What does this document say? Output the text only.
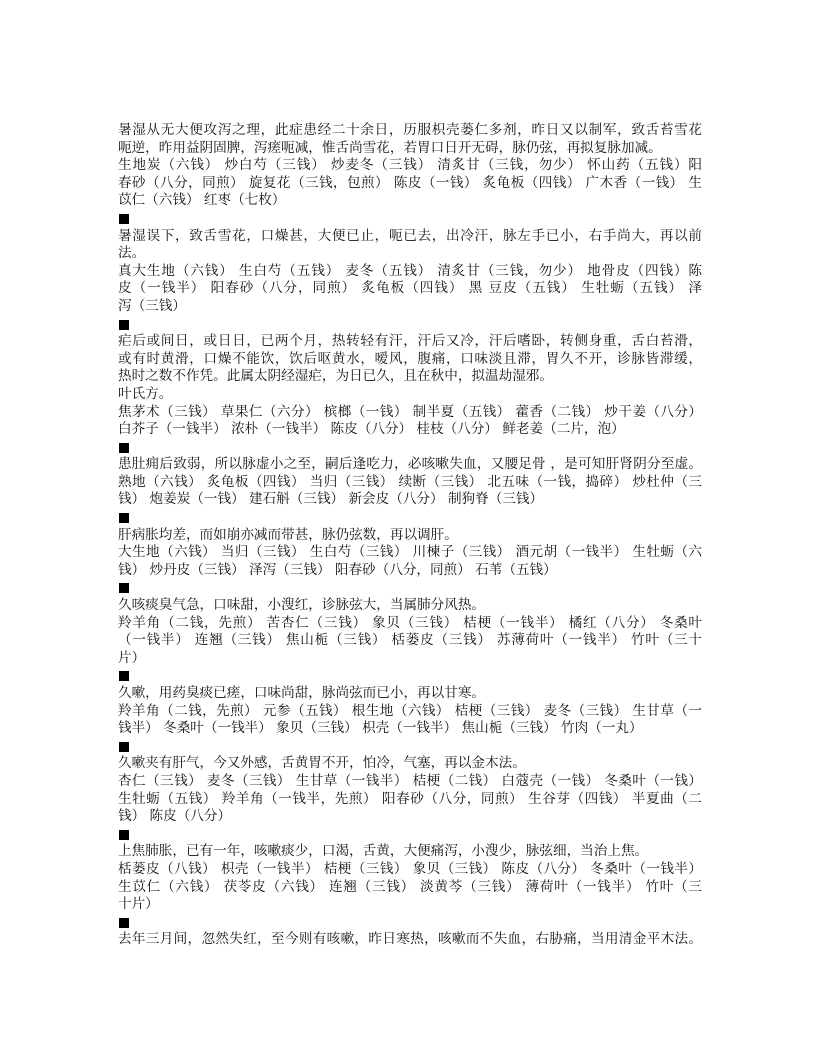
暑湿从无大便攻泻之理，此症患经二十余日，历服枳壳蒌仁多剂，昨日又以制军，致舌苔雪花
呃逆，昨用益阴固脾，泻瘥呃减，惟舌尚雪花，若胃口日开无碍，脉仍弦，再拟复脉加减。
生地炭（六钱） 炒白芍（三钱） 炒麦冬（三钱） 清炙甘（三钱，勿少） 怀山药（五钱）阳
春砂（八分，同煎） 旋复花（三钱，包煎） 陈皮（一钱） 炙龟板（四钱） 广木香（一钱） 生
苡仁（六钱） 红枣（七枚）
暑湿误下，致舌雪花，口燥甚，大便已止，呃已去，出冷汗，脉左手已小，右手尚大，再以前
法。
真大生地（六钱） 生白芍（五钱） 麦冬（五钱） 清炙甘（三钱，勿少） 地骨皮（四钱）陈
皮（一钱半） 阳春砂（八分，同煎） 炙龟板（四钱） 黑 豆皮（五钱） 生牡蛎（五钱） 泽
泻（三钱）
疟后或间日，或日日，已两个月，热转轻有汗，汗后又冷，汗后嗜卧，转侧身重，舌白苔滑，
或有时黄滑，口燥不能饮，饮后呕黄水，嗳风，腹痛，口味淡且滞，胃久不开，诊脉皆滞缓，
热时之数不作凭。此属太阴经湿疟，为日已久，且在秋中，拟温劫湿邪。
叶氏方。
焦茅术（三钱） 草果仁（六分） 槟榔（一钱） 制半夏（五钱） 藿香（二钱） 炒干姜（八分）
白芥子（一钱半） 浓朴（一钱半） 陈皮（八分） 桂枝（八分） 鲜老姜（二片，泡）
患肚痈后致弱，所以脉虚小之至，嗣后逢吃力，必咳嗽失血，又腰足骨 ，是可知肝肾阴分至虚。
熟地（六钱） 炙龟板（四钱） 当归（三钱） 续断（三钱） 北五味（一钱，捣碎） 炒杜仲（三
钱） 炮姜炭（一钱） 建石斛（三钱） 新会皮（八分） 制狗脊（三钱）
肝病胀均差，而如崩亦减而带甚，脉仍弦数，再以调肝。
大生地（六钱） 当归（三钱） 生白芍（三钱） 川楝子（三钱） 酒元胡（一钱半） 生牡蛎（六
钱） 炒丹皮（三钱） 泽泻（三钱） 阳春砂（八分，同煎） 石苇（五钱）
久咳痰臭气急，口味甜，小溲红，诊脉弦大，当属肺分风热。
羚羊角（二钱，先煎） 苦杏仁（三钱） 象贝（三钱） 桔梗（一钱半） 橘红（八分） 冬桑叶
（一钱半） 连翘（三钱） 焦山栀（三钱） 栝蒌皮（三钱） 苏薄荷叶（一钱半） 竹叶（三十
片）
久嗽，用药臭痰已瘥，口味尚甜，脉尚弦而已小，再以甘寒。
羚羊角（二钱，先煎） 元参（五钱） 根生地（六钱） 桔梗（三钱） 麦冬（三钱） 生甘草（一
钱半） 冬桑叶（一钱半） 象贝（三钱） 枳壳（一钱半） 焦山栀（三钱） 竹肉（一丸）
久嗽夹有肝气，今又外感，舌黄胃不开，怕冷，气塞，再以金木法。
杏仁（三钱） 麦冬（三钱） 生甘草（一钱半） 桔梗（二钱） 白蔻壳（一钱） 冬桑叶（一钱）
生牡蛎（五钱） 羚羊角（一钱半，先煎） 阳春砂（八分，同煎） 生谷芽（四钱） 半夏曲（二
钱） 陈皮（八分）
上焦肺胀，已有一年，咳嗽痰少，口渴，舌黄，大便痛泻，小溲少，脉弦细，当治上焦。
栝蒌皮（八钱） 枳壳（一钱半） 桔梗（三钱） 象贝（三钱） 陈皮（八分） 冬桑叶（一钱半）
生苡仁（六钱） 茯苓皮（六钱） 连翘（三钱） 淡黄芩（三钱） 薄荷叶（一钱半） 竹叶（三
十片）
去年三月间，忽然失红，至今则有咳嗽，昨日寒热，咳嗽而不失血，右胁痛，当用清金平木法。
